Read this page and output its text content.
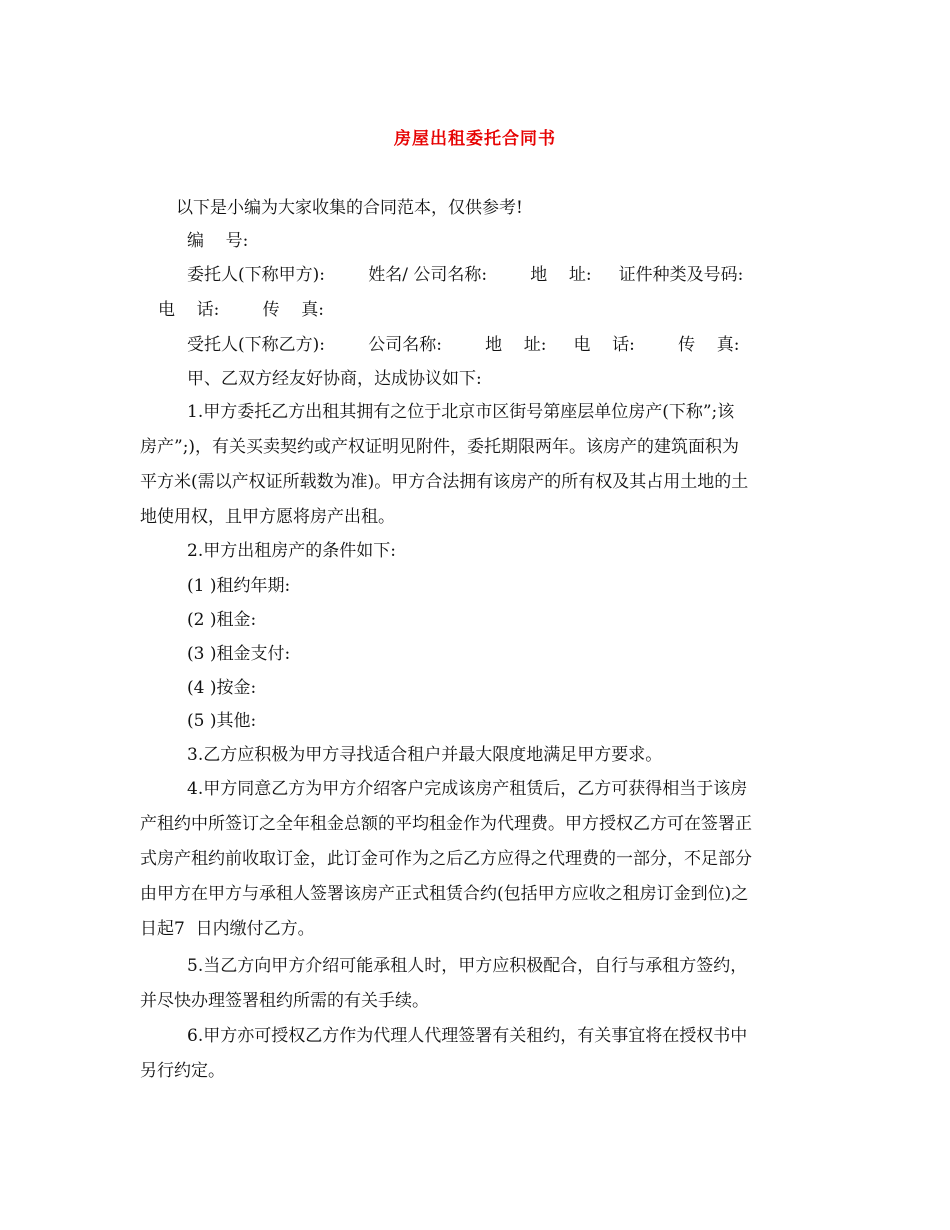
房屋出租委托合同书
以下是小编为大家收集的合同范本，仅供参考!
编    号:
委托人(下称甲方):        姓名/ 公司名称:        地    址:     证件种类及号码:
电    话:        传    真:
受托人(下称乙方):        公司名称:        地    址:     电    话:        传    真:
甲、乙双方经友好协商，达成协议如下:
1.甲方委托乙方出租其拥有之位于北京市区街号第座层单位房产(下称”;该
房产”;)，有关买卖契约或产权证明见附件，委托期限两年。该房产的建筑面积为
平方米(需以产权证所载数为准)。甲方合法拥有该房产的所有权及其占用土地的土
地使用权，且甲方愿将房产出租。
2.甲方出租房产的条件如下:
(1 )租约年期:
(2 )租金:
(3 )租金支付:
(4 )按金:
(5 )其他:
3.乙方应积极为甲方寻找适合租户并最大限度地满足甲方要求。
4.甲方同意乙方为甲方介绍客户完成该房产租赁后，乙方可获得相当于该房
产租约中所签订之全年租金总额的平均租金作为代理费。甲方授权乙方可在签署正
式房产租约前收取订金，此订金可作为之后乙方应得之代理费的一部分，不足部分
由甲方在甲方与承租人签署该房产正式租赁合约(包括甲方应收之租房订金到位)之
日起7  日内缴付乙方。
5.当乙方向甲方介绍可能承租人时，甲方应积极配合，自行与承租方签约，
并尽快办理签署租约所需的有关手续。
6.甲方亦可授权乙方作为代理人代理签署有关租约，有关事宜将在授权书中
另行约定。
